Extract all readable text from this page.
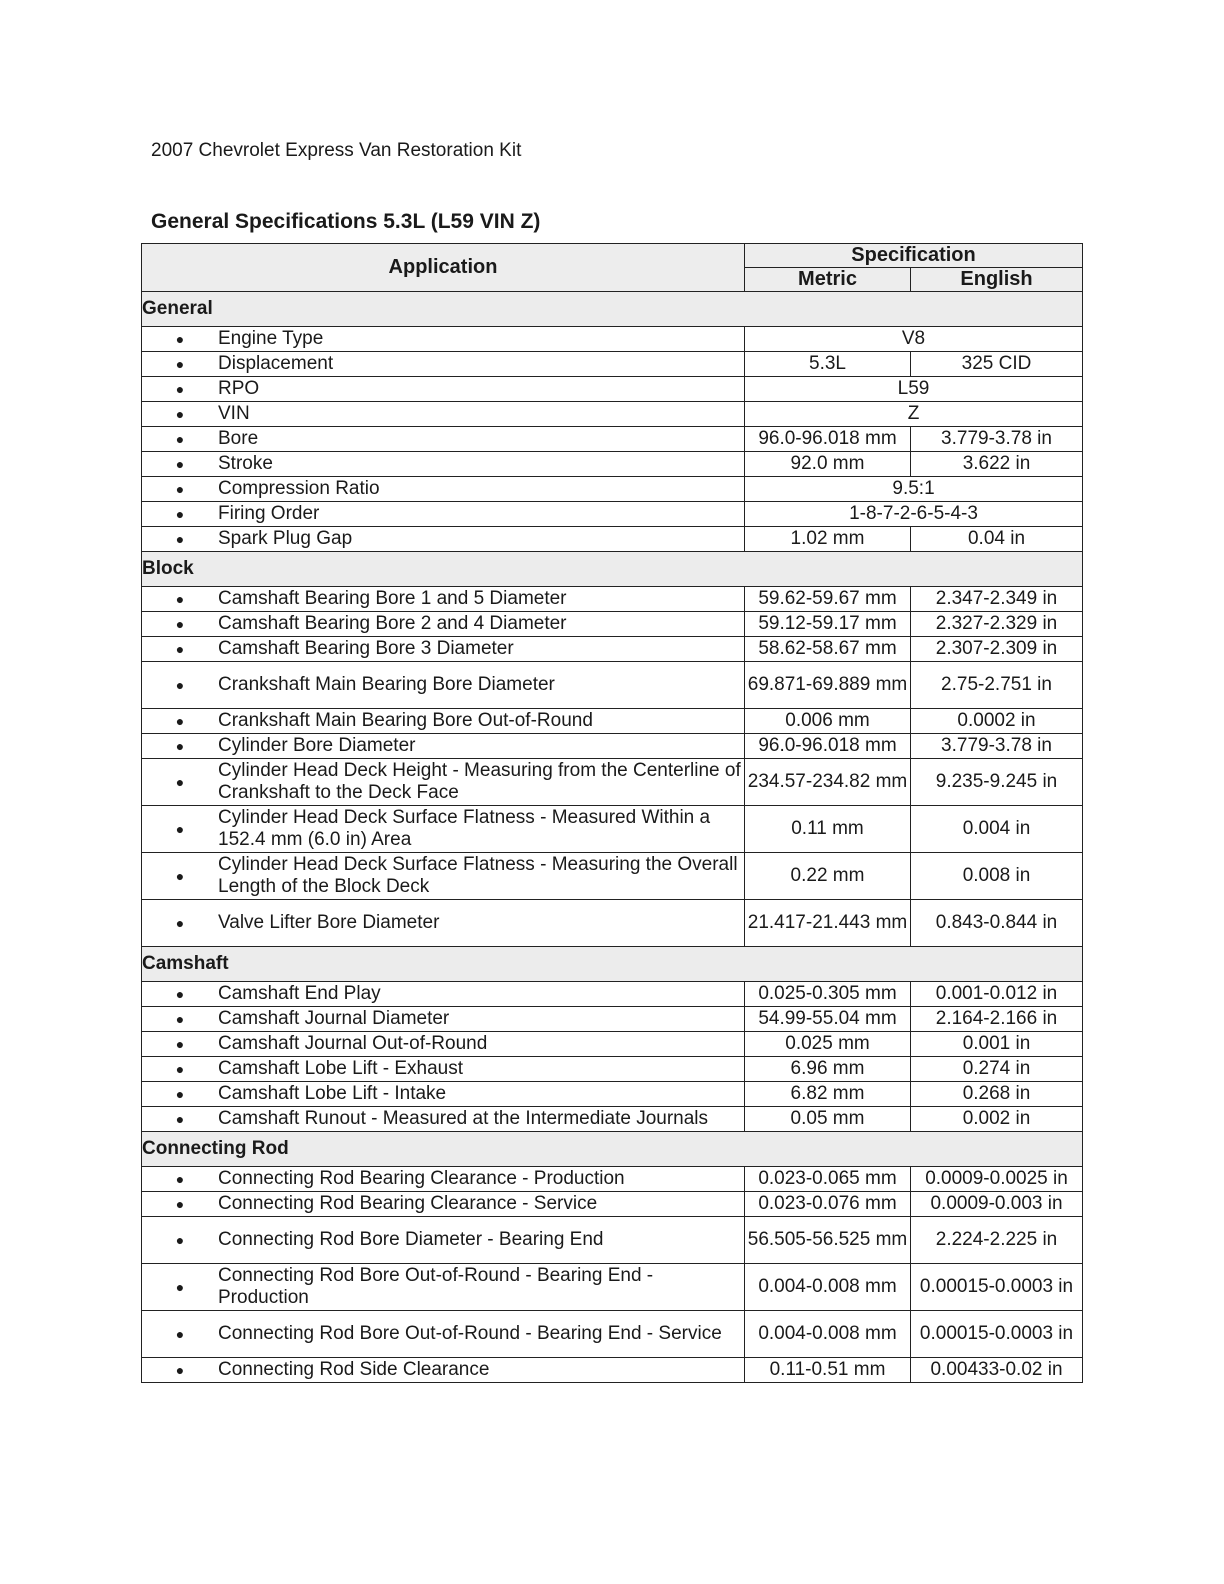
2007 Chevrolet Express Van Restoration Kit
General Specifications 5.3L (L59 VIN Z)
Application	Specification	
	Metric	English
General		

● Engine Type	V8	

● Displacement	5.3L	325 CID

● RPO	L59	

● VIN	Z	

● Bore	96.0-96.018 mm	3.779-3.78 in

● Stroke	92.0 mm	3.622 in

● Compression Ratio	9.5:1	

● Firing Order	1-8-7-2-6-5-4-3	

● Spark Plug Gap	1.02 mm	0.04 in
Block		

● Camshaft Bearing Bore 1 and 5 Diameter	59.62-59.67 mm	2.347-2.349 in

● Camshaft Bearing Bore 2 and 4 Diameter	59.12-59.17 mm	2.327-2.329 in

● Camshaft Bearing Bore 3 Diameter	58.62-58.67 mm	2.307-2.309 in

● Crankshaft Main Bearing Bore Diameter	69.871-69.889 mm	2.75-2.751 in

● Crankshaft Main Bearing Bore Out-of-Round	0.006 mm	0.0002 in

● Cylinder Bore Diameter	96.0-96.018 mm	3.779-3.78 in

●
Cylinder Head Deck Height - Measuring from the Centerline of Crankshaft to the Deck Face	234.57-234.82 mm	9.235-9.245 in

●
Cylinder Head Deck Surface Flatness - Measured Within a 152.4 mm (6.0 in) Area	0.11 mm	0.004 in

●
Cylinder Head Deck Surface Flatness - Measuring the Overall Length of the Block Deck	0.22 mm	0.008 in

● Valve Lifter Bore Diameter	21.417-21.443 mm	0.843-0.844 in
Camshaft		

● Camshaft End Play	0.025-0.305 mm	0.001-0.012 in

● Camshaft Journal Diameter	54.99-55.04 mm	2.164-2.166 in

● Camshaft Journal Out-of-Round	0.025 mm	0.001 in

● Camshaft Lobe Lift - Exhaust	6.96 mm	0.274 in

● Camshaft Lobe Lift - Intake	6.82 mm	0.268 in

● Camshaft Runout - Measured at the Intermediate Journals	0.05 mm	0.002 in
Connecting Rod		

● Connecting Rod Bearing Clearance - Production	0.023-0.065 mm	0.0009-0.0025 in

● Connecting Rod Bearing Clearance - Service	0.023-0.076 mm	0.0009-0.003 in

● Connecting Rod Bore Diameter - Bearing End	56.505-56.525 mm	2.224-2.225 in

●
Connecting Rod Bore Out-of-Round - Bearing End - Production	0.004-0.008 mm	0.00015-0.0003 in

● Connecting Rod Bore Out-of-Round - Bearing End - Service	0.004-0.008 mm	0.00015-0.0003 in

● Connecting Rod Side Clearance	0.11-0.51 mm	0.00433-0.02 in
